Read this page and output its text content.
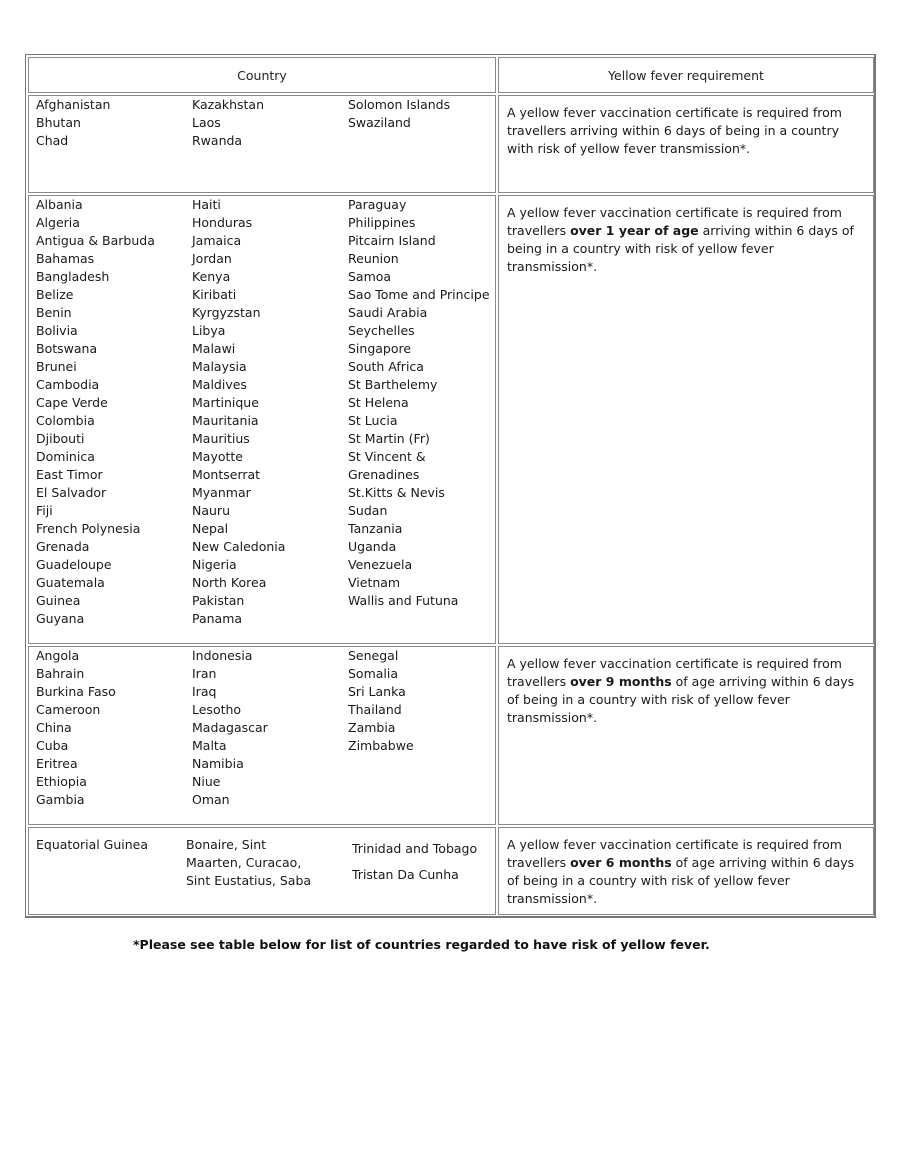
Country	Yellow fever requirement
Afghanistan
Bhutan
Chad
Kazakhstan
Laos
Rwanda
Solomon Islands
Swaziland
A yellow fever vaccination certificate is required from travellers arriving within 6 days of being in a country with risk of yellow fever transmission*.
Albania
Algeria
Antigua & Barbuda
Bahamas
Bangladesh
Belize
Benin
Bolivia
Botswana
Brunei
Cambodia
Cape Verde
Colombia
Djibouti
Dominica
East Timor
El Salvador
Fiji
French Polynesia
Grenada
Guadeloupe
Guatemala
Guinea
Guyana
Haiti
Honduras
Jamaica
Jordan
Kenya
Kiribati
Kyrgyzstan
Libya
Malawi
Malaysia
Maldives
Martinique
Mauritania
Mauritius
Mayotte
Montserrat
Myanmar
Nauru
Nepal
New Caledonia
Nigeria
North Korea
Pakistan
Panama
Paraguay
Philippines
Pitcairn Island
Reunion
Samoa
Sao Tome and Principe
Saudi Arabia
Seychelles
Singapore
South Africa
St Barthelemy
St Helena
St Lucia
St Martin (Fr)
St Vincent &
Grenadines
St.Kitts & Nevis
Sudan
Tanzania
Uganda
Venezuela
Vietnam
Wallis and Futuna
A yellow fever vaccination certificate is required from travellers over 1 year of age arriving within 6 days of being in a country with risk of yellow fever transmission*.
Angola
Bahrain
Burkina Faso
Cameroon
China
Cuba
Eritrea
Ethiopia
Gambia
Indonesia
Iran
Iraq
Lesotho
Madagascar
Malta
Namibia
Niue
Oman
Senegal
Somalia
Sri Lanka
Thailand
Zambia
Zimbabwe
A yellow fever vaccination certificate is required from travellers over 9 months of age arriving within 6 days of being in a country with risk of yellow fever transmission*.
Equatorial Guinea	Bonaire, Sint
Maarten, Curacao,
Sint Eustatius, Saba
Trinidad and Tobago
Tristan Da Cunha
A yellow fever vaccination certificate is required from travellers over 6 months of age arriving within 6 days of being in a country with risk of yellow fever transmission*.
*Please see table below for list of countries regarded to have risk of yellow fever.
